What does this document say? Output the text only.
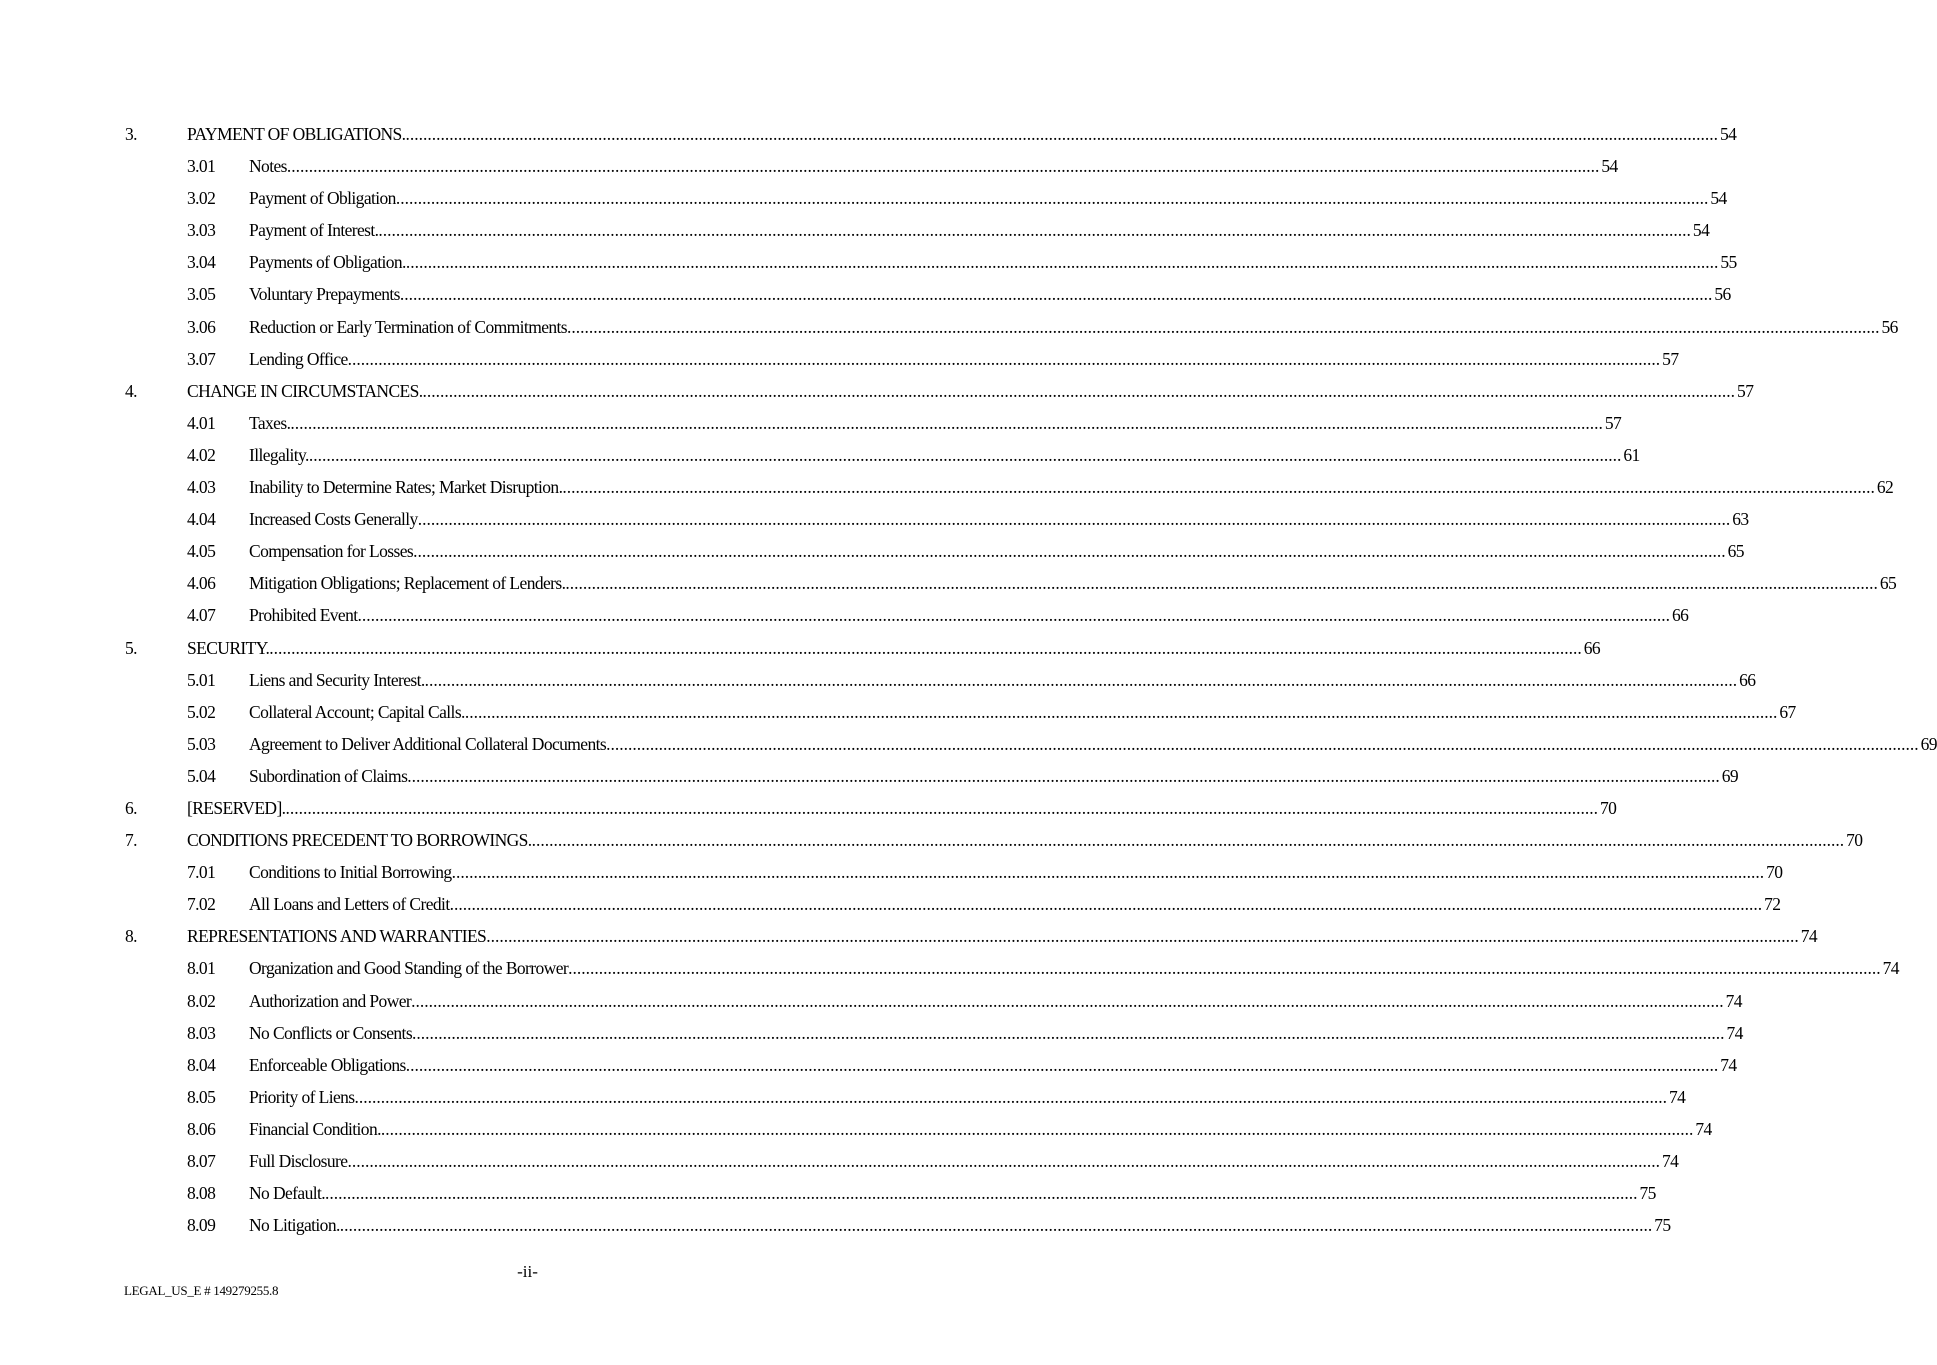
3.	PAYMENT OF OBLIGATIONS. ............................................................................................................................................................................................................................................................................................................ 54
3.01 Notes ............................................................................................................................................................................................................................................................................................................ 54
3.02 Payment of Obligation ............................................................................................................................................................................................................................................................................................................ 54
3.03 Payment of Interest. ............................................................................................................................................................................................................................................................................................................ 54
3.04 Payments of Obligation. ............................................................................................................................................................................................................................................................................................................ 55
3.05 Voluntary Prepayments ............................................................................................................................................................................................................................................................................................................ 56
3.06 Reduction or Early Termination of Commitments ............................................................................................................................................................................................................................................................................................................ 56
3.07 Lending Office ............................................................................................................................................................................................................................................................................................................ 57
4.	CHANGE IN CIRCUMSTANCES. ............................................................................................................................................................................................................................................................................................................ 57
4.01 Taxes. ............................................................................................................................................................................................................................................................................................................ 57
4.02 Illegality. ............................................................................................................................................................................................................................................................................................................ 61
4.03 Inability to Determine Rates; Market Disruption. ............................................................................................................................................................................................................................................................................................................ 62
4.04 Increased Costs Generally ............................................................................................................................................................................................................................................................................................................ 63
4.05 Compensation for Losses ............................................................................................................................................................................................................................................................................................................ 65
4.06 Mitigation Obligations; Replacement of Lenders. ............................................................................................................................................................................................................................................................................................................ 65
4.07 Prohibited Event ............................................................................................................................................................................................................................................................................................................ 66
5.	SECURITY. ............................................................................................................................................................................................................................................................................................................ 66
5.01 Liens and Security Interest. ............................................................................................................................................................................................................................................................................................................ 66
5.02 Collateral Account; Capital Calls. ............................................................................................................................................................................................................................................................................................................ 67
5.03 Agreement to Deliver Additional Collateral Documents ............................................................................................................................................................................................................................................................................................................ 69
5.04 Subordination of Claims ............................................................................................................................................................................................................................................................................................................ 69
6.	[RESERVED]. ............................................................................................................................................................................................................................................................................................................ 70
7.	CONDITIONS PRECEDENT TO BORROWINGS. ............................................................................................................................................................................................................................................................................................................ 70
7.01 Conditions to Initial Borrowing ............................................................................................................................................................................................................................................................................................................ 70
7.02 All Loans and Letters of Credit ............................................................................................................................................................................................................................................................................................................ 72
8.	REPRESENTATIONS AND WARRANTIES ............................................................................................................................................................................................................................................................................................................ 74
8.01 Organization and Good Standing of the Borrower ............................................................................................................................................................................................................................................................................................................ 74
8.02 Authorization and Power ............................................................................................................................................................................................................................................................................................................ 74
8.03 No Conflicts or Consents ............................................................................................................................................................................................................................................................................................................ 74
8.04 Enforceable Obligations ............................................................................................................................................................................................................................................................................................................ 74
8.05 Priority of Liens ............................................................................................................................................................................................................................................................................................................ 74
8.06 Financial Condition. ............................................................................................................................................................................................................................................................................................................ 74
8.07 Full Disclosure ............................................................................................................................................................................................................................................................................................................ 74
8.08 No Default. ............................................................................................................................................................................................................................................................................................................ 75
8.09 No Litigation. ............................................................................................................................................................................................................................................................................................................ 75
-ii-
LEGAL_US_E # 149279255.8
